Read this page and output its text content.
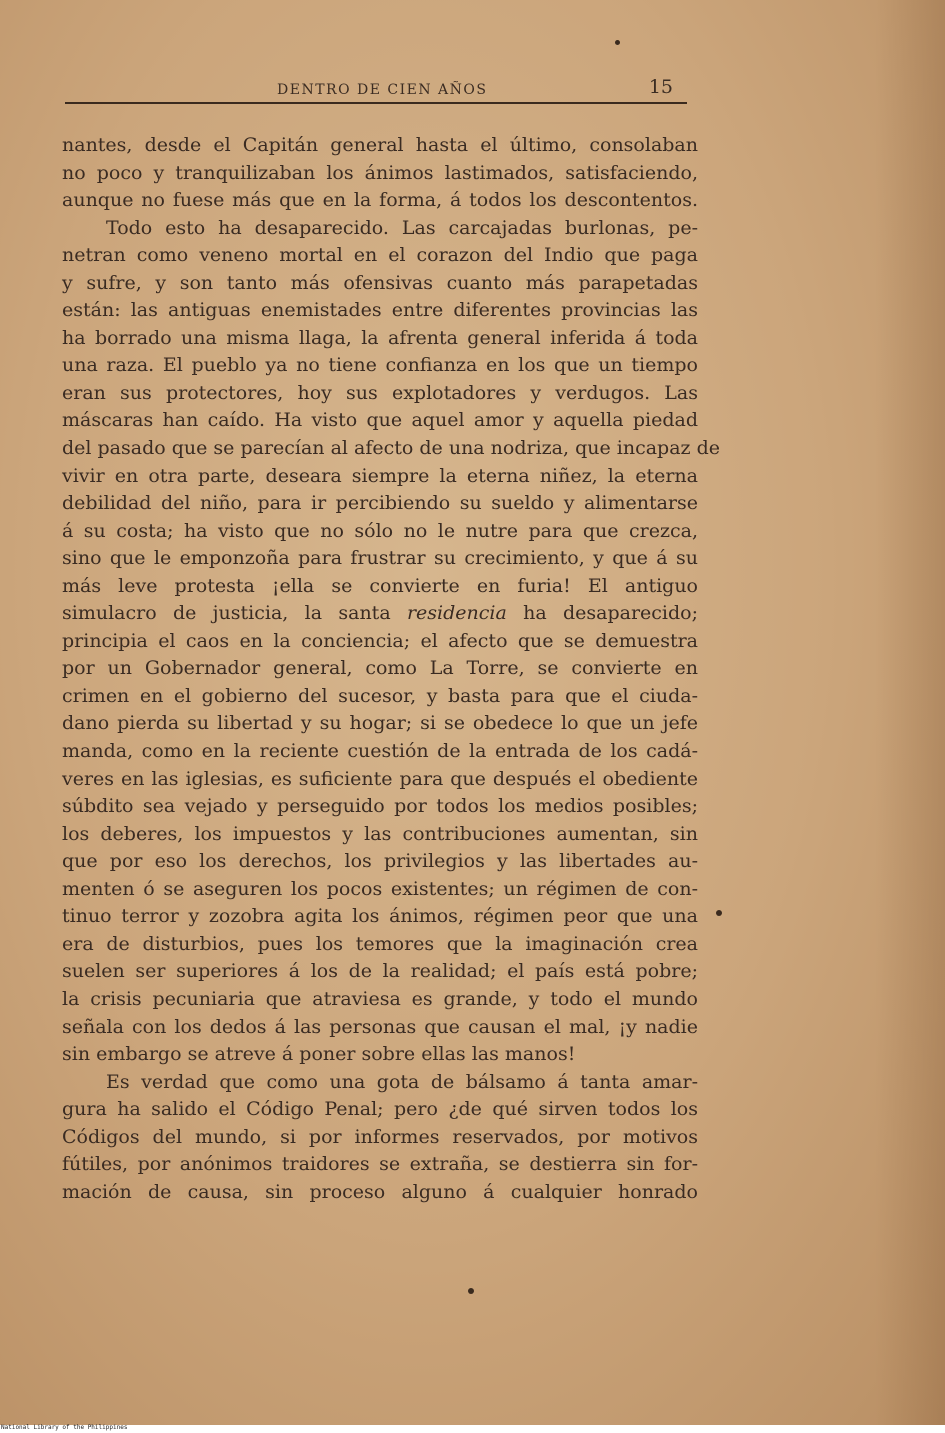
DENTRO DE CIEN AÑOS	15
nantes, desde el Capitán general hasta el último, consolaban
no poco y tranquilizaban los ánimos lastimados, satisfaciendo,
aunque no fuese más que en la forma, á todos los descontentos.
Todo esto ha desaparecido. Las carcajadas burlonas, pe-
netran como veneno mortal en el corazon del Indio que paga
y sufre, y son tanto más ofensivas cuanto más parapetadas
están: las antiguas enemistades entre diferentes provincias las
ha borrado una misma llaga, la afrenta general inferida á toda
una raza. El pueblo ya no tiene confianza en los que un tiempo
eran sus protectores, hoy sus explotadores y verdugos. Las
máscaras han caído. Ha visto que aquel amor y aquella piedad
del pasado que se parecían al afecto de una nodriza, que incapaz de
vivir en otra parte, deseara siempre la eterna niñez, la eterna
debilidad del niño, para ir percibiendo su sueldo y alimentarse
á su costa; ha visto que no sólo no le nutre para que crezca,
sino que le emponzoña para frustrar su crecimiento, y que á su
más leve protesta ¡ella se convierte en furia! El antiguo
simulacro de justicia, la santa residencia ha desaparecido;
principia el caos en la conciencia; el afecto que se demuestra
por un Gobernador general, como La Torre, se convierte en
crimen en el gobierno del sucesor, y basta para que el ciuda-
dano pierda su libertad y su hogar; si se obedece lo que un jefe
manda, como en la reciente cuestión de la entrada de los cadá-
veres en las iglesias, es suficiente para que después el obediente
súbdito sea vejado y perseguido por todos los medios posibles;
los deberes, los impuestos y las contribuciones aumentan, sin
que por eso los derechos, los privilegios y las libertades au-
menten ó se aseguren los pocos existentes; un régimen de con-
tinuo terror y zozobra agita los ánimos, régimen peor que una
era de disturbios, pues los temores que la imaginación crea
suelen ser superiores á los de la realidad; el país está pobre;
la crisis pecuniaria que atraviesa es grande, y todo el mundo
señala con los dedos á las personas que causan el mal, ¡y nadie
sin embargo se atreve á poner sobre ellas las manos!
Es verdad que como una gota de bálsamo á tanta amar-
gura ha salido el Código Penal; pero ¿de qué sirven todos los
Códigos del mundo, si por informes reservados, por motivos
fútiles, por anónimos traidores se extraña, se destierra sin for-
mación de causa, sin proceso alguno á cualquier honrado
National Library of the Philippines
